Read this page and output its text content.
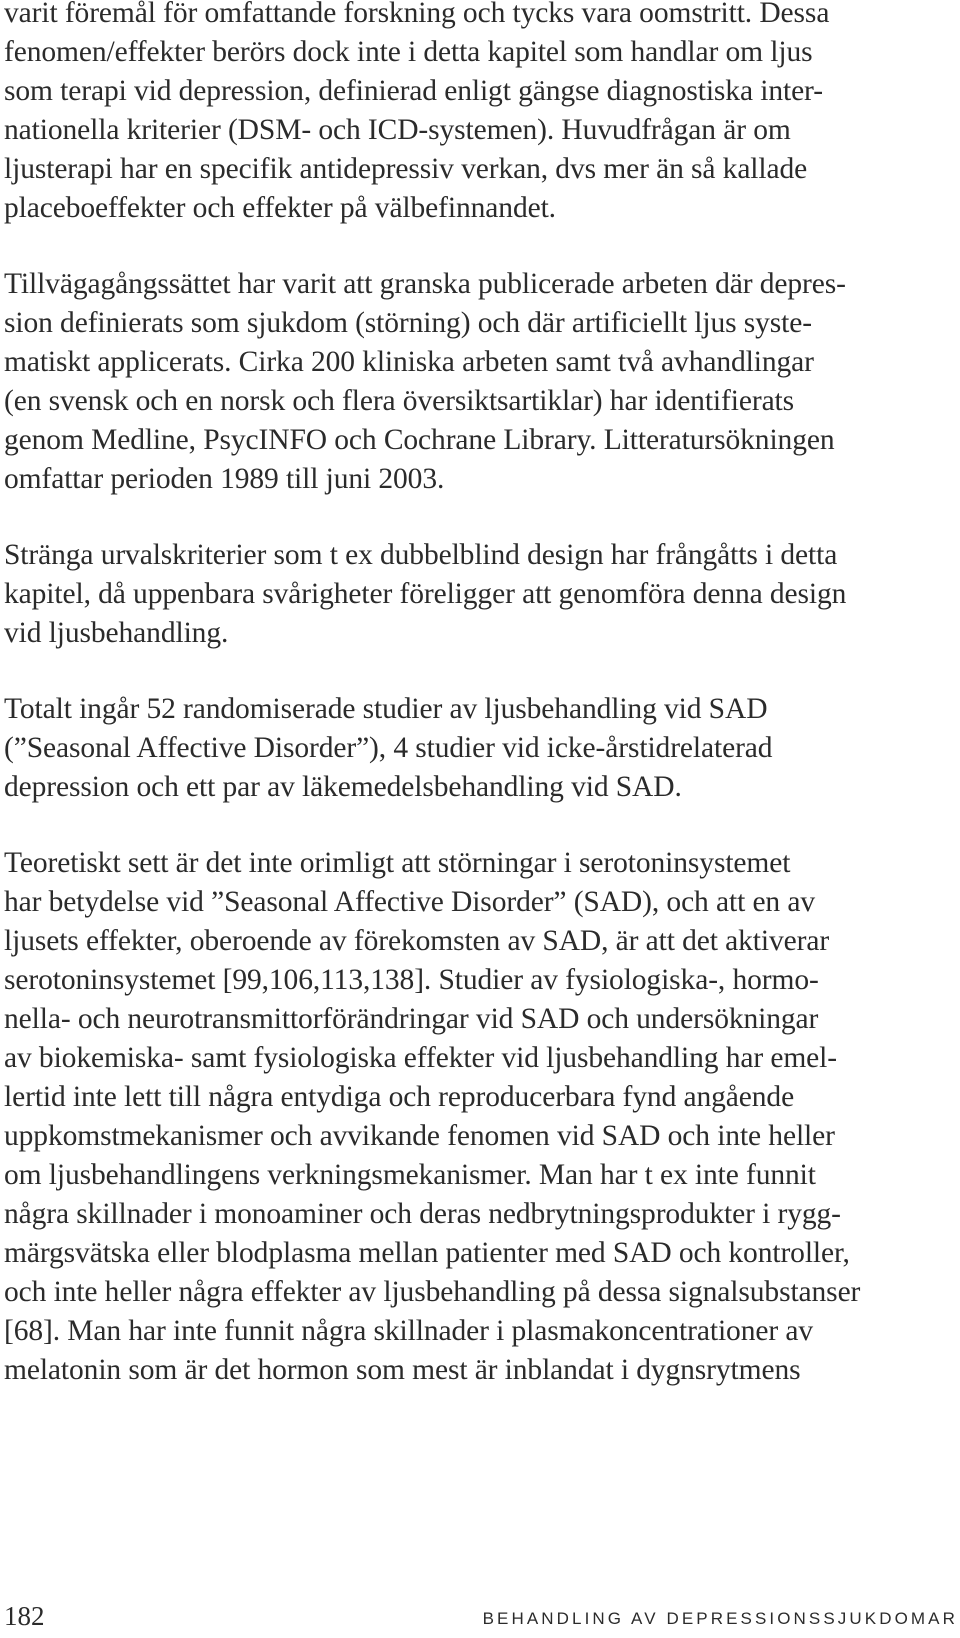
varit föremål för omfattande forskning och tycks vara oomstritt. Dessa
fenomen/effekter berörs dock inte i detta kapitel som handlar om ljus
som terapi vid depression, definierad enligt gängse diagnostiska inter-
nationella kriterier (DSM- och ICD-systemen). Huvudfrågan är om
ljusterapi har en specifik antidepressiv verkan, dvs mer än så kallade
placeboeffekter och effekter på välbefinnandet.

Tillvägagångssättet har varit att granska publicerade arbeten där depres-
sion definierats som sjukdom (störning) och där artificiellt ljus syste-
matiskt applicerats. Cirka 200 kliniska arbeten samt två avhandlingar
(en svensk och en norsk och flera översiktsartiklar) har identifierats
genom Medline, PsycINFO och Cochrane Library. Litteratursökningen
omfattar perioden 1989 till juni 2003.

Stränga urvalskriterier som t ex dubbelblind design har frångåtts i detta
kapitel, då uppenbara svårigheter föreligger att genomföra denna design
vid ljusbehandling.

Totalt ingår 52 randomiserade studier av ljusbehandling vid SAD
(”Seasonal Affective Disorder”), 4 studier vid icke-årstidrelaterad
depression och ett par av läkemedelsbehandling vid SAD.

Teoretiskt sett är det inte orimligt att störningar i serotoninsystemet
har betydelse vid ”Seasonal Affective Disorder” (SAD), och att en av
ljusets effekter, oberoende av förekomsten av SAD, är att det aktiverar
serotoninsystemet [99,106,113,138]. Studier av fysiologiska-, hormo-
nella- och neurotransmittorförändringar vid SAD och undersökningar
av biokemiska- samt fysiologiska effekter vid ljusbehandling har emel-
lertid inte lett till några entydiga och reproducerbara fynd angående
uppkomstmekanismer och avvikande fenomen vid SAD och inte heller
om ljusbehandlingens verkningsmekanismer. Man har t ex inte funnit
några skillnader i monoaminer och deras nedbrytningsprodukter i rygg-
märgsvätska eller blodplasma mellan patienter med SAD och kontroller,
och inte heller några effekter av ljusbehandling på dessa signalsubstanser
[68]. Man har inte funnit några skillnader i plasmakoncentrationer av
melatonin som är det hormon som mest är inblandat i dygnsrytmens

182	BEHANDLING AV DEPRESSIONSSJUKDOMAR
